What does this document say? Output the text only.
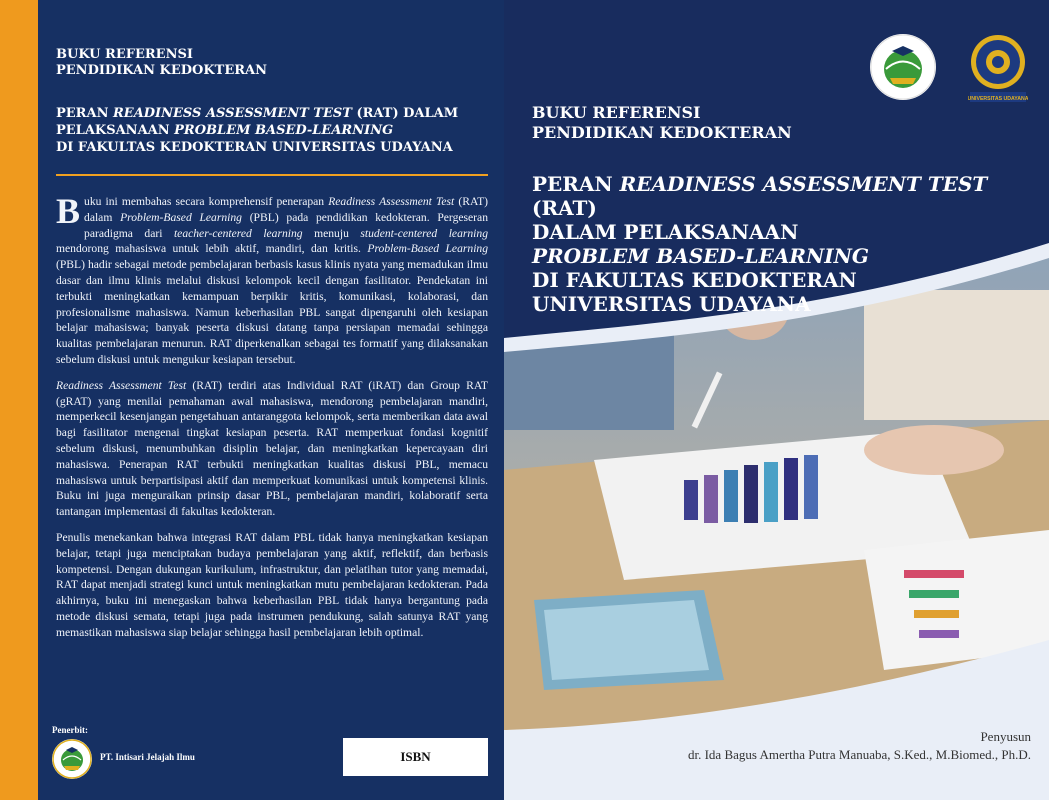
BUKU REFERENSI
PENDIDIKAN KEDOKTERAN
PERAN READINESS ASSESSMENT TEST (RAT) DALAM
PELAKSANAAN PROBLEM BASED-LEARNING
DI FAKULTAS KEDOKTERAN UNIVERSITAS UDAYANA

Buku ini membahas secara komprehensif penerapan Readiness Assessment Test (RAT) dalam Problem-Based Learning (PBL) pada pendidikan kedokteran. Pergeseran paradigma dari teacher-centered learning menuju student-centered learning mendorong mahasiswa untuk lebih aktif, mandiri, dan kritis. Problem-Based Learning (PBL) hadir sebagai metode pembelajaran berbasis kasus klinis nyata yang memadukan ilmu dasar dan ilmu klinis melalui diskusi kelompok kecil dengan fasilitator. Pendekatan ini terbukti meningkatkan kemampuan berpikir kritis, komunikasi, kolaborasi, dan profesionalisme mahasiswa. Namun keberhasilan PBL sangat dipengaruhi oleh kesiapan belajar mahasiswa; banyak peserta diskusi datang tanpa persiapan memadai sehingga kualitas pembelajaran menurun. RAT diperkenalkan sebagai tes formatif yang dilaksanakan sebelum diskusi untuk mengukur kesiapan tersebut.

Readiness Assessment Test (RAT) terdiri atas Individual RAT (iRAT) dan Group RAT (gRAT) yang menilai pemahaman awal mahasiswa, mendorong pembelajaran mandiri, memperkecil kesenjangan pengetahuan antaranggota kelompok, serta memberikan data awal bagi fasilitator mengenai tingkat kesiapan peserta. RAT memperkuat fondasi kognitif sebelum diskusi, menumbuhkan disiplin belajar, dan meningkatkan kepercayaan diri mahasiswa. Penerapan RAT terbukti meningkatkan kualitas diskusi PBL, memacu mahasiswa untuk berpartisipasi aktif dan memperkuat komunikasi untuk kompetensi klinis. Buku ini juga menguraikan prinsip dasar PBL, pembelajaran mandiri, kolaboratif serta tantangan implementasi di fakultas kedokteran.

Penulis menekankan bahwa integrasi RAT dalam PBL tidak hanya meningkatkan kesiapan belajar, tetapi juga menciptakan budaya pembelajaran yang aktif, reflektif, dan berbasis kompetensi. Dengan dukungan kurikulum, infrastruktur, dan pelatihan tutor yang memadai, RAT dapat menjadi strategi kunci untuk meningkatkan mutu pembelajaran kedokteran. Pada akhirnya, buku ini menegaskan bahwa keberhasilan PBL tidak hanya bergantung pada metode diskusi semata, tetapi juga pada instrumen pendukung, salah satunya RAT yang memastikan mahasiswa siap belajar sehingga hasil pembelajaran lebih optimal.

Penerbit:
PT. Intisari Jelajah Ilmu	ISBN
UNIVERSITAS UDAYANA
BUKU REFERENSI
PENDIDIKAN KEDOKTERAN
PERAN READINESS ASSESSMENT TEST (RAT)
DALAM PELAKSANAAN
PROBLEM BASED-LEARNING
DI FAKULTAS KEDOKTERAN
UNIVERSITAS UDAYANA
Penyusun
dr. Ida Bagus Amertha Putra Manuaba, S.Ked., M.Biomed., Ph.D.
